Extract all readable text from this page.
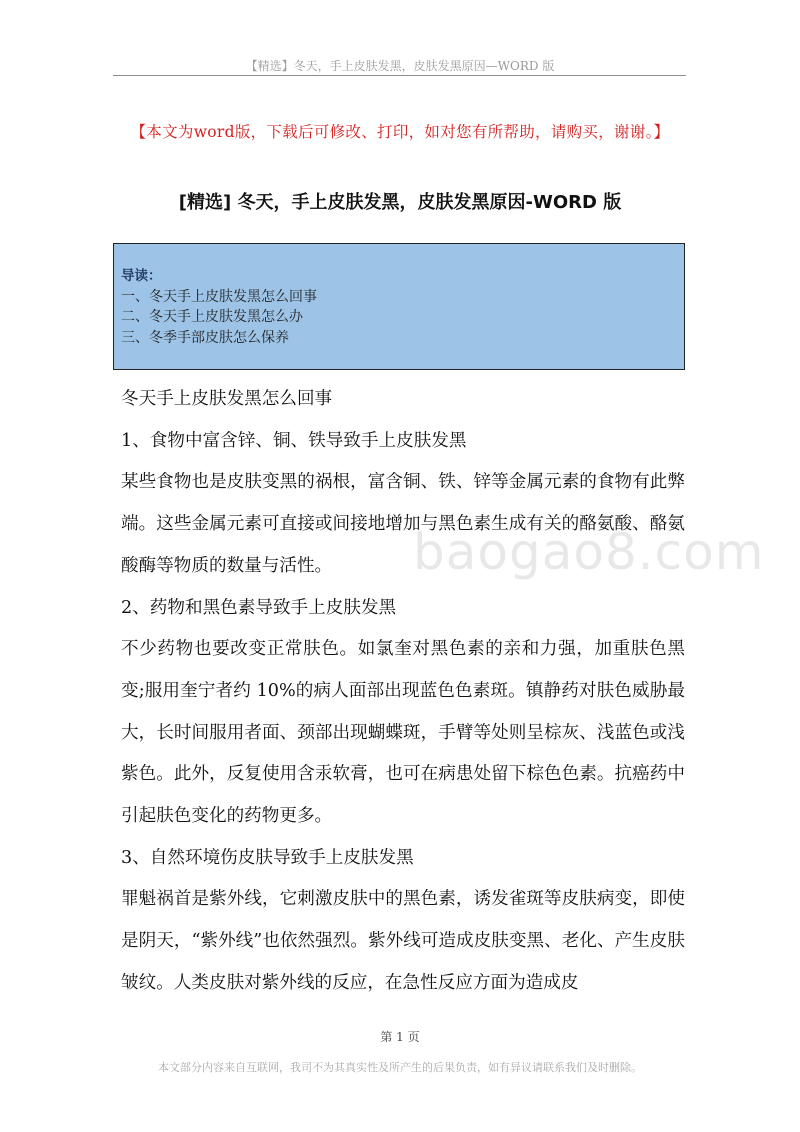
【精选】冬天，手上皮肤发黑，皮肤发黑原因—WORD 版
【本文为word版，下载后可修改、打印，如对您有所帮助，请购买，谢谢。】
[精选] 冬天，手上皮肤发黑，皮肤发黑原因-WORD 版
导读：
一、冬天手上皮肤发黑怎么回事
二、冬天手上皮肤发黑怎么办
三、冬季手部皮肤怎么保养

冬天手上皮肤发黑怎么回事

1、食物中富含锌、铜、铁导致手上皮肤发黑

某些食物也是皮肤变黑的祸根，富含铜、铁、锌等金属元素的食物有此弊端。这些金属元素可直接或间接地增加与黑色素生成有关的酪氨酸、酪氨酸酶等物质的数量与活性。

2、药物和黑色素导致手上皮肤发黑

不少药物也要改变正常肤色。如氯奎对黑色素的亲和力强，加重肤色黑变;服用奎宁者约 10%的病人面部出现蓝色色素斑。镇静药对肤色威胁最大，长时间服用者面、颈部出现蝴蝶斑，手臂等处则呈棕灰、浅蓝色或浅紫色。此外，反复使用含汞软膏，也可在病患处留下棕色色素。抗癌药中引起肤色变化的药物更多。

3、自然环境伤皮肤导致手上皮肤发黑

罪魁祸首是紫外线，它刺激皮肤中的黑色素，诱发雀斑等皮肤病变，即使是阴天，“紫外线”也依然强烈。紫外线可造成皮肤变黑、老化、产生皮肤皱纹。人类皮肤对紫外线的反应，在急性反应方面为造成皮

baogao8.com
第 1 页
本文部分内容来自互联网，我司不为其真实性及所产生的后果负责，如有异议请联系我们及时删除。
